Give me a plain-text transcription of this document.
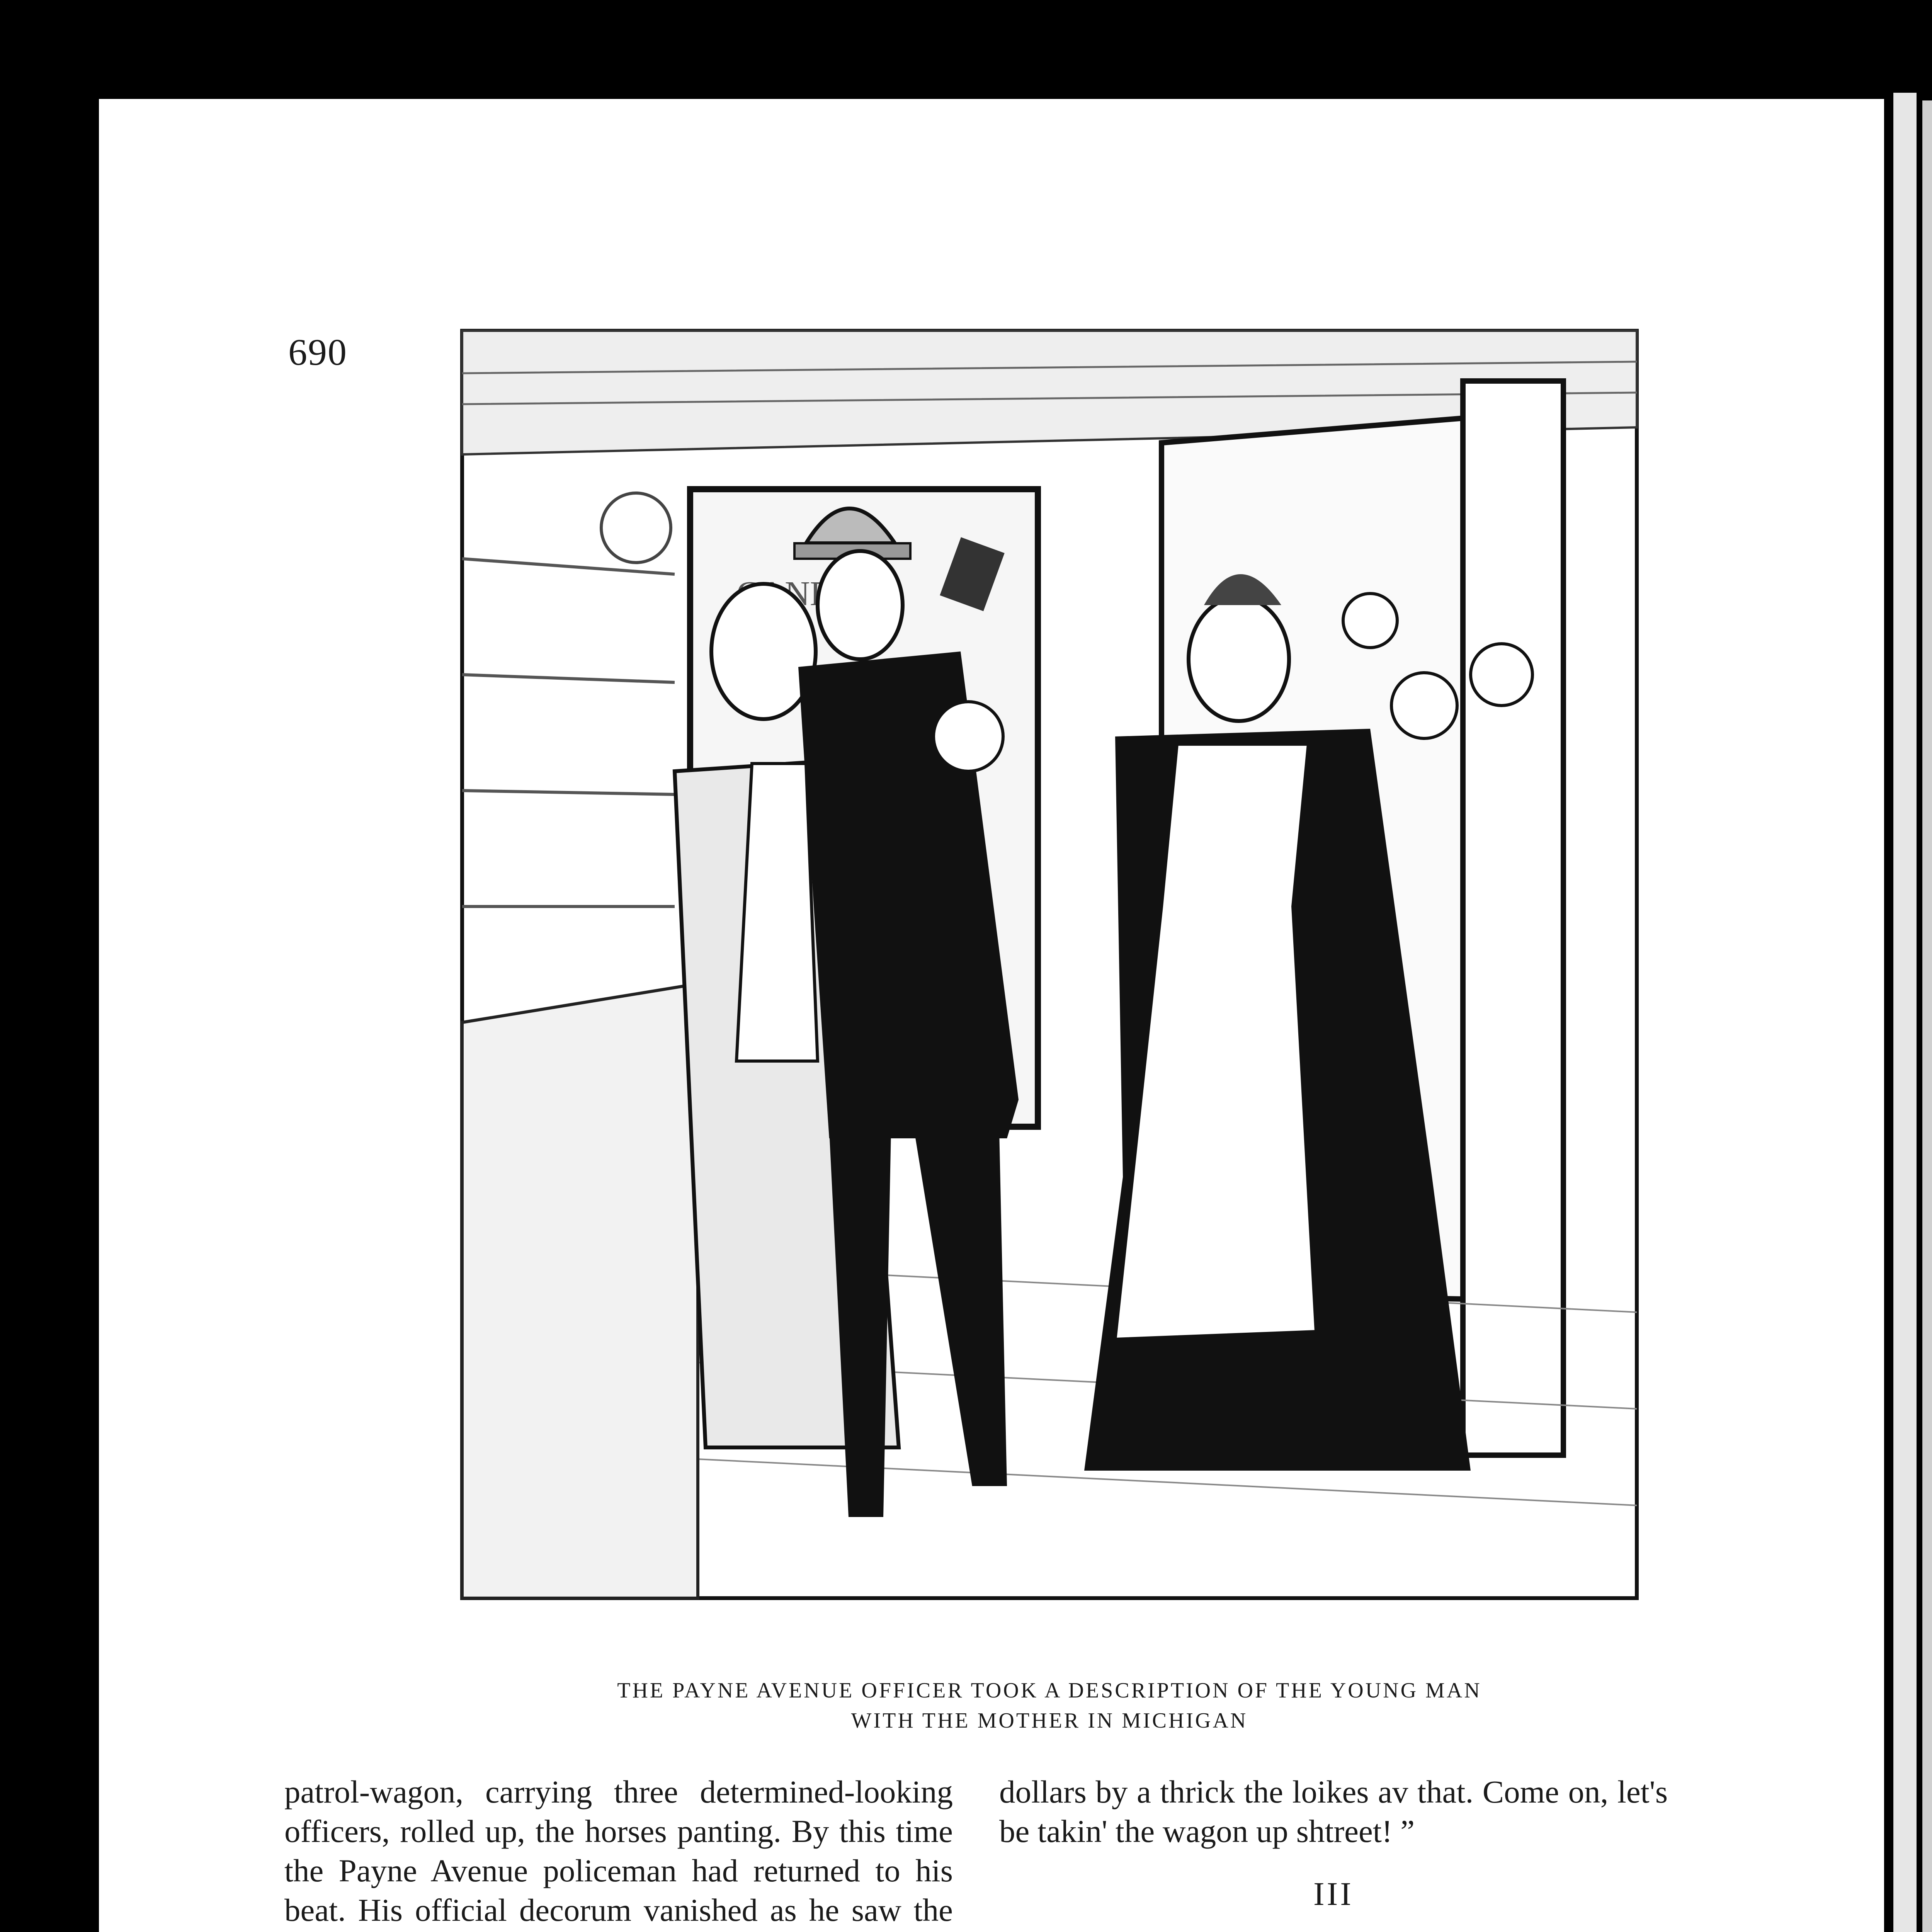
690
THE PAYNE AVENUE OFFICER TOOK A DESCRIPTION OF THE YOUNG MAN
WITH THE MOTHER IN MICHIGAN

patrol-wagon, carrying three determined-looking officers, rolled up, the horses panting. By this time the Payne Avenue policeman had returned to his beat. His official decorum vanished as he saw the

dollars by a thrick the loikes av that. Come on, let's be takin' the wagon up shtreet! ”

III
